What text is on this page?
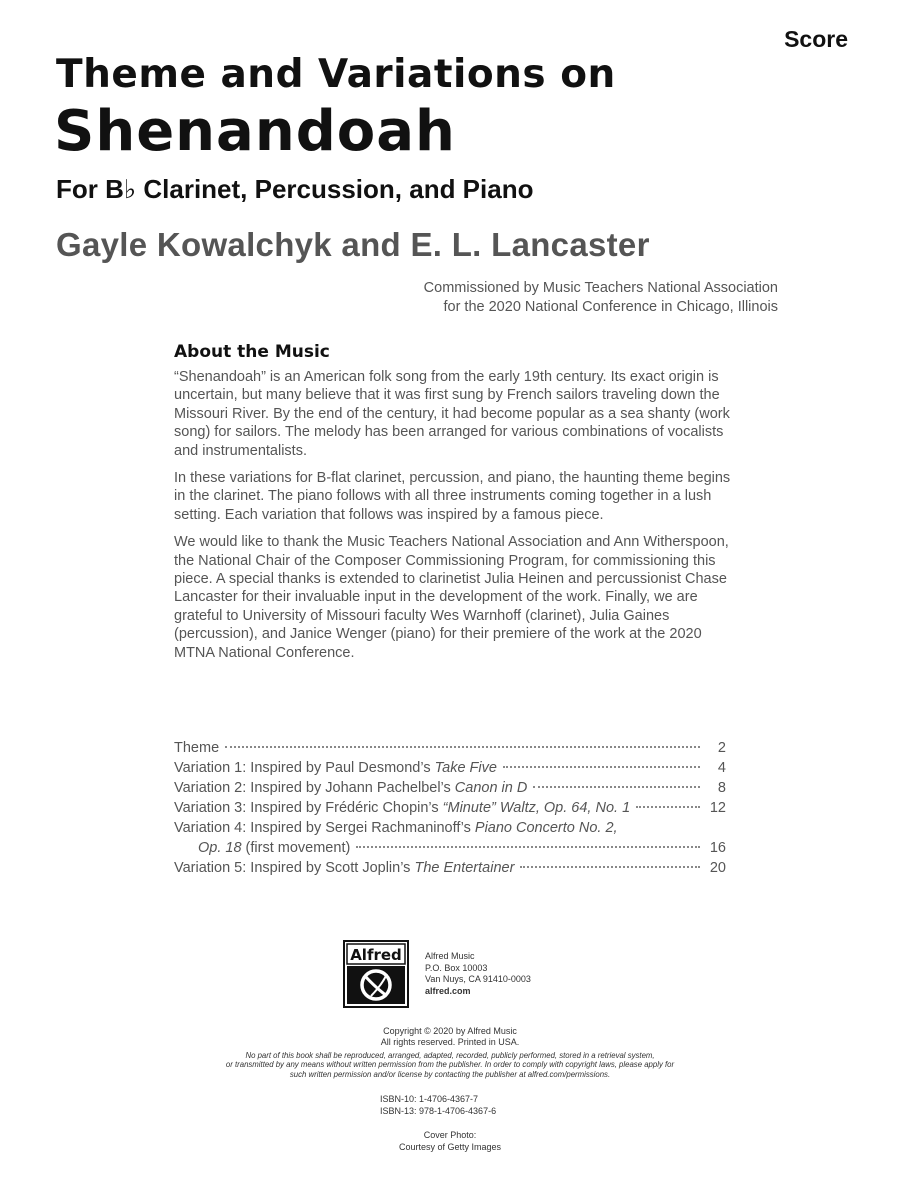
Score
Theme and Variations on
Shenandoah
For B♭ Clarinet, Percussion, and Piano
Gayle Kowalchyk and E. L. Lancaster
Commissioned by Music Teachers National Association
for the 2020 National Conference in Chicago, Illinois
About the Music

“Shenandoah” is an American folk song from the early 19th century. Its exact origin is uncertain, but many believe that it was first sung by French sailors traveling down the Missouri River. By the end of the century, it had become popular as a sea shanty (work song) for sailors. The melody has been arranged for various combinations of vocalists and instrumentalists.

In these variations for B-flat clarinet, percussion, and piano, the haunting theme begins in the clarinet. The piano follows with all three instruments coming together in a lush setting. Each variation that follows was inspired by a famous piece.

We would like to thank the Music Teachers National Association and Ann Witherspoon, the National Chair of the Composer Commissioning Program, for commissioning this piece. A special thanks is extended to clarinetist Julia Heinen and percussionist Chase Lancaster for their invaluable input in the development of the work. Finally, we are grateful to University of Missouri faculty Wes Warnhoff (clarinet), Julia Gaines (percussion), and Janice Wenger (piano) for their premiere of the work at the 2020 MTNA National Conference.

Theme	2
Variation 1: Inspired by Paul Desmond’s Take Five	4
Variation 2: Inspired by Johann Pachelbel’s Canon in D	8
Variation 3: Inspired by Frédéric Chopin’s “Minute” Waltz, Op. 64, No. 1	12
Variation 4: Inspired by Sergei Rachmaninoff’s Piano Concerto No. 2,
Op. 18 (first movement)	16
Variation 5: Inspired by Scott Joplin’s The Entertainer	20
Alfred	Alfred Music
P.O. Box 10003
Van Nuys, CA 91410-0003
alfred.com
Copyright © 2020 by Alfred Music
All rights reserved. Printed in USA.
No part of this book shall be reproduced, arranged, adapted, recorded, publicly performed, stored in a retrieval system,
or transmitted by any means without written permission from the publisher. In order to comply with copyright laws, please apply for
such written permission and/or license by contacting the publisher at alfred.com/permissions.
ISBN-10: 1-4706-4367-7
ISBN-13: 978-1-4706-4367-6
Cover Photo:
Courtesy of Getty Images
